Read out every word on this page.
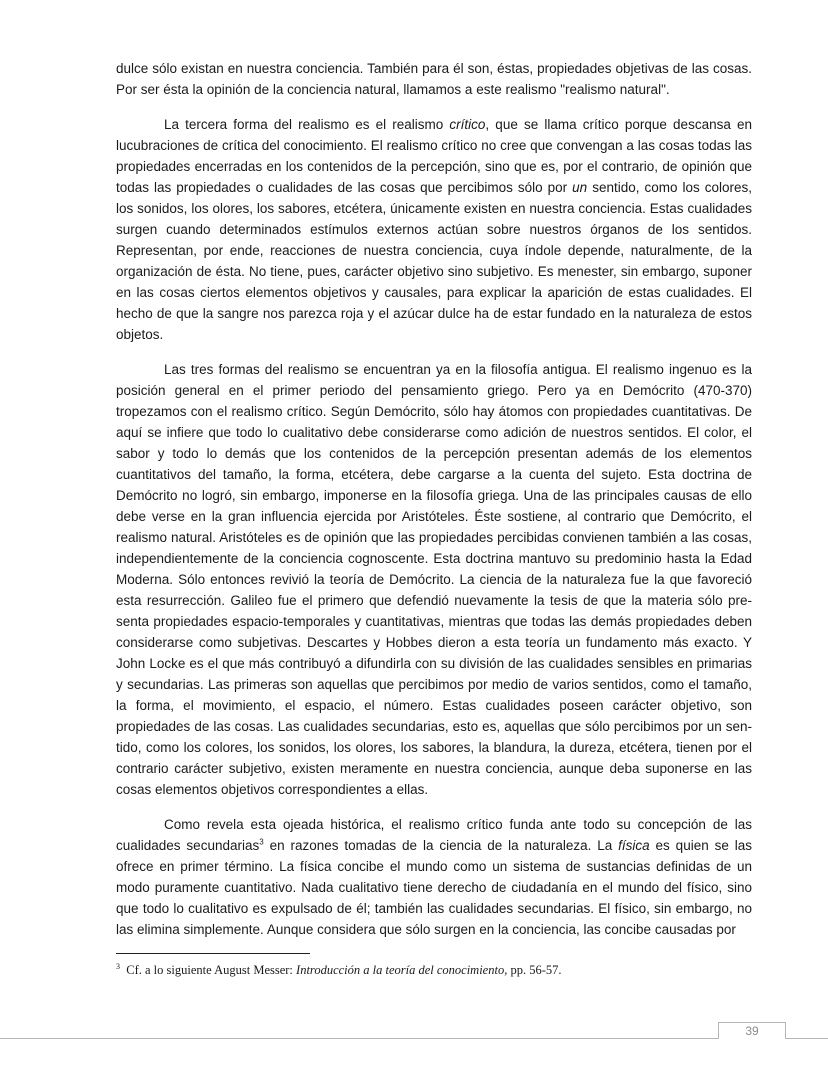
dulce sólo existan en nuestra conciencia. También para él son, éstas, propiedades objetivas de las cosas. Por ser ésta la opinión de la conciencia natural, llamamos a este realismo "realismo natural".

La tercera forma del realismo es el realismo crítico, que se llama crítico porque descansa en lucubraciones de crítica del conocimiento. El realismo crítico no cree que convengan a las cosas todas las propiedades encerradas en los contenidos de la percepción, sino que es, por el contrario, de opinión que todas las propiedades o cualidades de las cosas que percibimos sólo por un sentido, como los colores, los sonidos, los olores, los sabores, etcétera, únicamente existen en nuestra conciencia. Estas cualidades surgen cuando determinados estímulos externos actúan sobre nuestros órganos de los sentidos. Representan, por ende, reacciones de nuestra conciencia, cuya índole depende, naturalmente, de la organización de ésta. No tiene, pues, carácter objetivo sino subjetivo. Es menester, sin embargo, suponer en las cosas ciertos elementos objetivos y causales, para explicar la aparición de estas cualidades. El hecho de que la sangre nos parezca roja y el azúcar dulce ha de estar fundado en la naturaleza de estos objetos.

Las tres formas del realismo se encuentran ya en la filosofía antigua. El realismo ingenuo es la posición general en el primer periodo del pensamiento griego. Pero ya en Demócrito (470-370) tropezamos con el realismo crítico. Según Demócrito, sólo hay átomos con propiedades cuantitativas. De aquí se infiere que todo lo cualitativo debe considerarse como adición de nuestros sentidos. El color, el sabor y todo lo demás que los contenidos de la percepción presentan además de los elementos cuantitativos del tamaño, la forma, etcétera, debe cargarse a la cuenta del sujeto. Esta doctrina de Demócrito no logró, sin embargo, imponerse en la filosofía griega. Una de las principales causas de ello debe verse en la gran influencia ejercida por Aristóteles. Éste sostiene, al contrario que Demócrito, el realismo natural. Aristóteles es de opinión que las propiedades percibidas convienen también a las cosas, independientemente de la conciencia cognoscente. Esta doctrina mantuvo su predominio hasta la Edad Moderna. Sólo entonces revivió la teoría de Demócrito. La ciencia de la naturaleza fue la que favoreció esta resurrección. Galileo fue el primero que defendió nuevamente la tesis de que la materia sólo pre-senta propiedades espacio-temporales y cuantitativas, mientras que todas las demás propiedades deben considerarse como subjetivas. Descartes y Hobbes dieron a esta teoría un fundamento más exacto. Y John Locke es el que más contribuyó a difundirla con su división de las cualidades sensibles en primarias y secundarias. Las primeras son aquellas que percibimos por medio de varios sentidos, como el tamaño, la forma, el movimiento, el espacio, el número. Estas cualidades poseen carácter objetivo, son propiedades de las cosas. Las cualidades secundarias, esto es, aquellas que sólo percibimos por un sen-tido, como los colores, los sonidos, los olores, los sabores, la blandura, la dureza, etcétera, tienen por el contrario carácter subjetivo, existen meramente en nuestra conciencia, aunque deba suponerse en las cosas elementos objetivos correspondientes a ellas.

Como revela esta ojeada histórica, el realismo crítico funda ante todo su concepción de las cualidades secundarias$^3$ en razones tomadas de la ciencia de la naturaleza. La física es quien se las ofrece en primer término. La física concibe el mundo como un sistema de sustancias definidas de un modo puramente cuantitativo. Nada cualitativo tiene derecho de ciudadanía en el mundo del físico, sino que todo lo cualitativo es expulsado de él; también las cualidades secundarias. El físico, sin embargo, no las elimina simplemente. Aunque considera que sólo surgen en la conciencia, las concibe causadas por

$^3$ Cf. a lo siguiente August Messer: Introducción a la teoría del conocimiento, pp. 56-57.
39
